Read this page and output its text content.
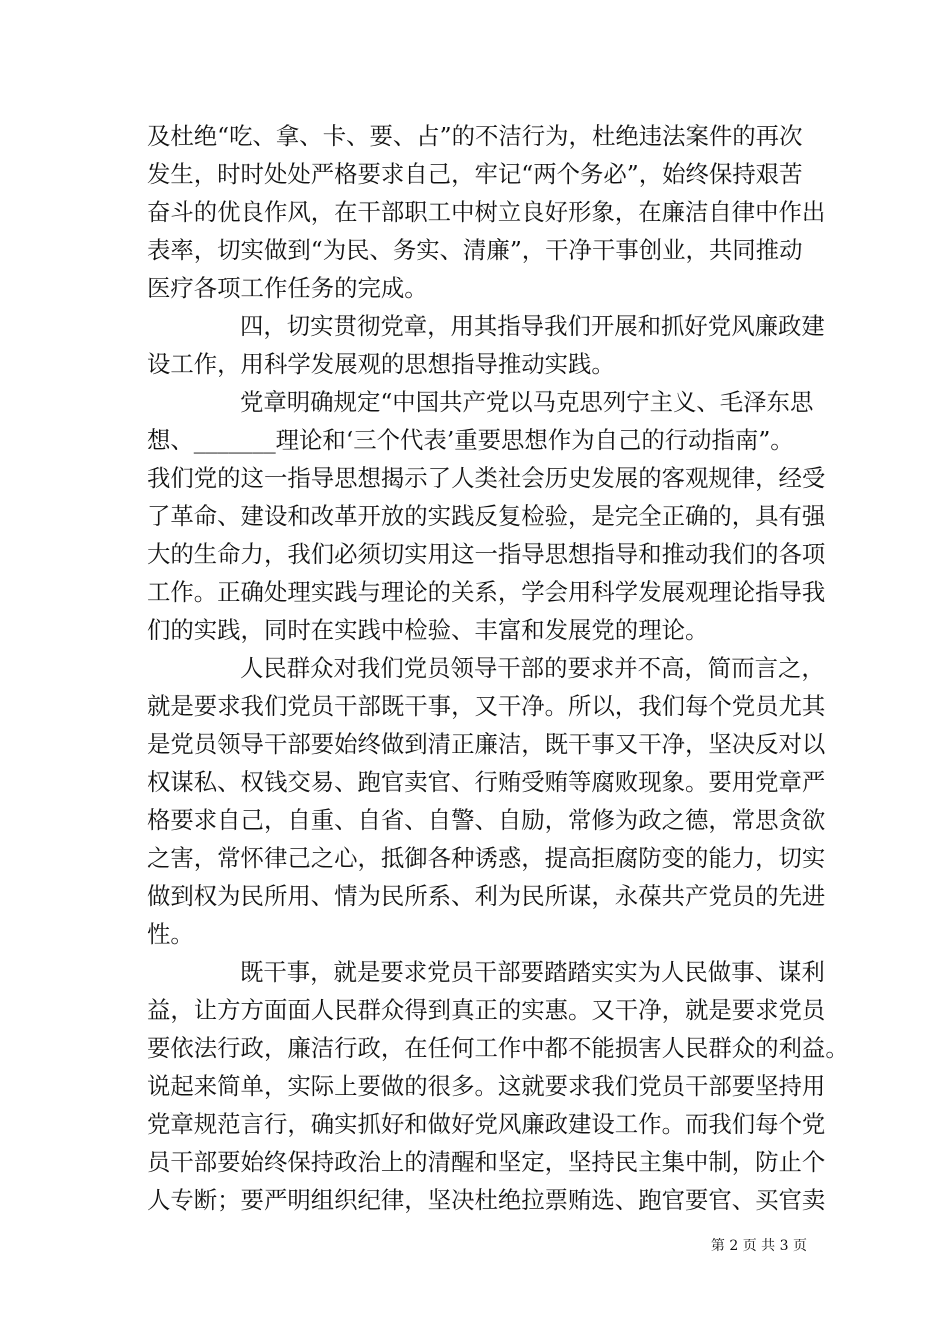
及杜绝“吃、拿、卡、要、占”的不洁行为，杜绝违法案件的再次
发生，时时处处严格要求自己，牢记“两个务必”，始终保持艰苦
奋斗的优良作风，在干部职工中树立良好形象，在廉洁自律中作出
表率，切实做到“为民、务实、清廉”，干净干事创业，共同推动
医疗各项工作任务的完成。
四，切实贯彻党章，用其指导我们开展和抓好党风廉政建
设工作，用科学发展观的思想指导推动实践。
党章明确规定“中国共产党以马克思列宁主义、毛泽东思
想、_______理论和‘三个代表’重要思想作为自己的行动指南”。
我们党的这一指导思想揭示了人类社会历史发展的客观规律，经受
了革命、建设和改革开放的实践反复检验，是完全正确的，具有强
大的生命力，我们必须切实用这一指导思想指导和推动我们的各项
工作。正确处理实践与理论的关系，学会用科学发展观理论指导我
们的实践，同时在实践中检验、丰富和发展党的理论。
人民群众对我们党员领导干部的要求并不高，简而言之，
就是要求我们党员干部既干事，又干净。所以，我们每个党员尤其
是党员领导干部要始终做到清正廉洁，既干事又干净，坚决反对以
权谋私、权钱交易、跑官卖官、行贿受贿等腐败现象。要用党章严
格要求自己，自重、自省、自警、自励，常修为政之德，常思贪欲
之害，常怀律己之心，抵御各种诱惑，提高拒腐防变的能力，切实
做到权为民所用、情为民所系、利为民所谋，永葆共产党员的先进
性。
既干事，就是要求党员干部要踏踏实实为人民做事、谋利
益，让方方面面人民群众得到真正的实惠。又干净，就是要求党员
要依法行政，廉洁行政，在任何工作中都不能损害人民群众的利益。
说起来简单，实际上要做的很多。这就要求我们党员干部要坚持用
党章规范言行，确实抓好和做好党风廉政建设工作。而我们每个党
员干部要始终保持政治上的清醒和坚定，坚持民主集中制，防止个
人专断；要严明组织纪律，坚决杜绝拉票贿选、跑官要官、买官卖
第 2 页 共 3 页
